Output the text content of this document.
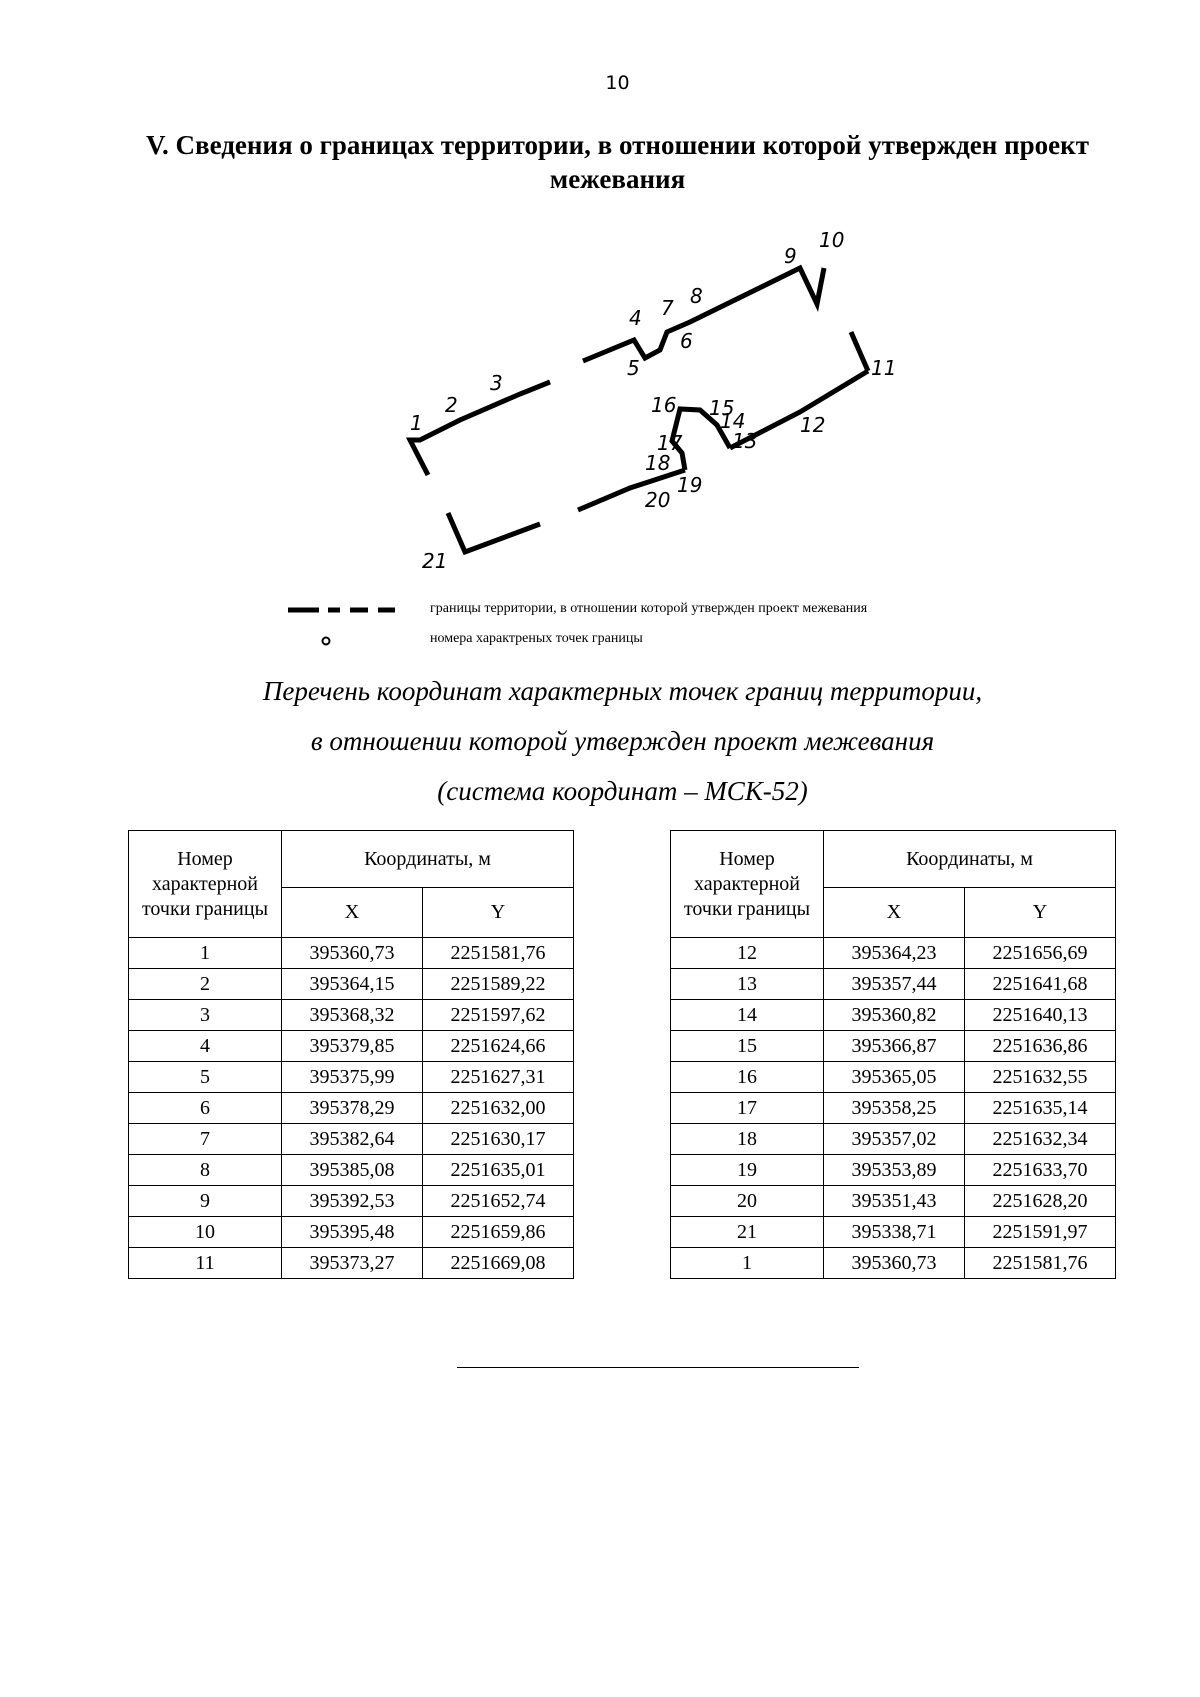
10
V. Сведения о границах территории, в отношении которой утвержден проект межевания
1
2
3
4
5
6
7 8
9
10
11
12
13
14
15
16
17
18
19
20
21
границы территории, в отношении которой утвержден проект межевания
номера характреных точек границы
Перечень координат характерных точек границ территории,
в отношении которой утвержден проект межевания
(система координат – МСК-52)
Номер характерной точки границы	Координаты, м	
	X	Y
1	395360,73	2251581,76
2	395364,15	2251589,22
3	395368,32	2251597,62
4	395379,85	2251624,66
5	395375,99	2251627,31
6	395378,29	2251632,00
7	395382,64	2251630,17
8	395385,08	2251635,01
9	395392,53	2251652,74
10	395395,48	2251659,86
11	395373,27	2251669,08
Номер характерной точки границы	Координаты, м	
	X	Y
12	395364,23	2251656,69
13	395357,44	2251641,68
14	395360,82	2251640,13
15	395366,87	2251636,86
16	395365,05	2251632,55
17	395358,25	2251635,14
18	395357,02	2251632,34
19	395353,89	2251633,70
20	395351,43	2251628,20
21	395338,71	2251591,97
1	395360,73	2251581,76
